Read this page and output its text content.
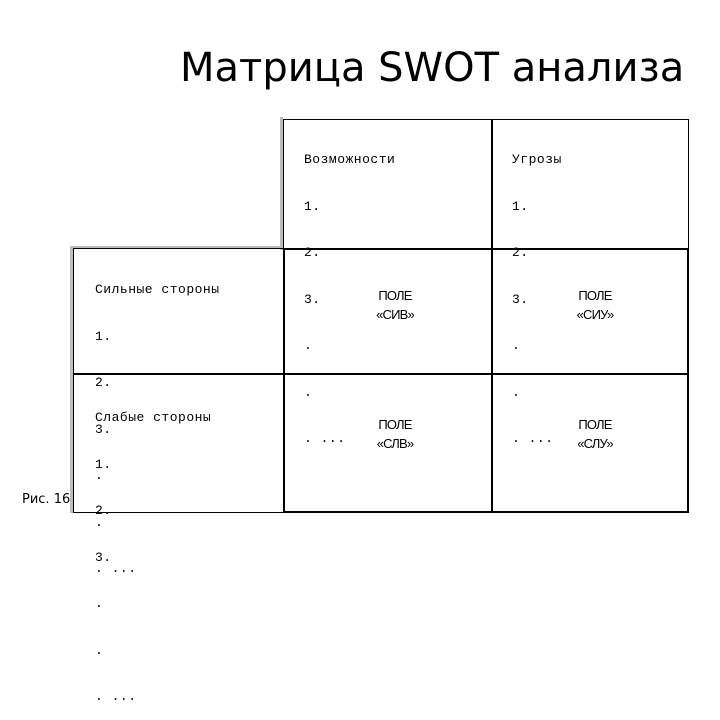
Матрица SWOT анализа

Возможности

1.

2.

3.

.

.

. ...

Угрозы

1.

2.

3.

.

.

. ...

Сильные стороны

1.

2.

3.

.

.

. ...

Слабые стороны

1.

2.

3.

.

.

. ...

ПОЛЕ
«СИВ»
ПОЛЕ
«СИУ»
ПОЛЕ
«СЛВ»
ПОЛЕ
«СЛУ»
Рис. 16
